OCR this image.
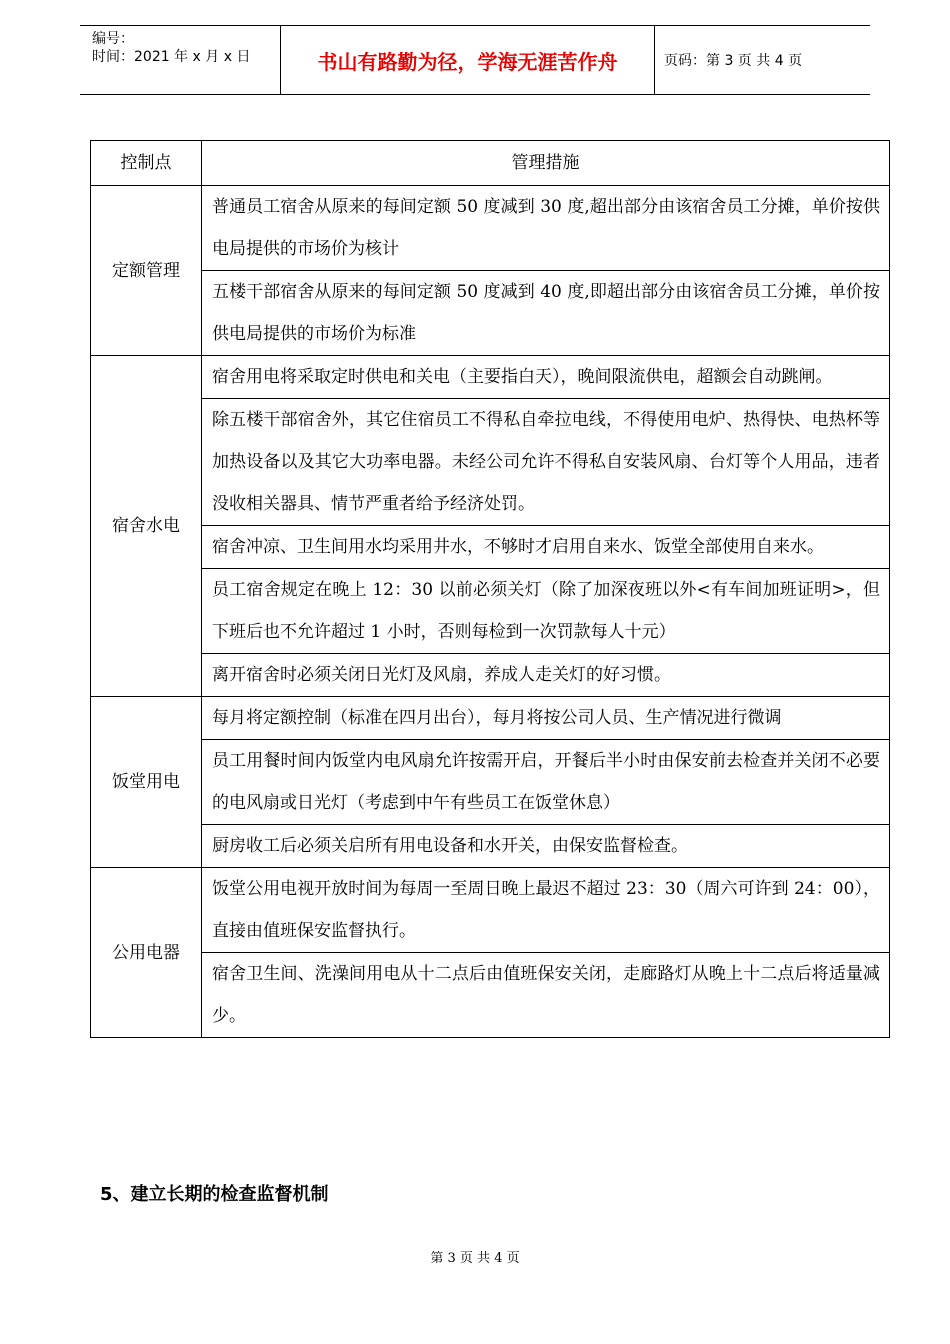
编号：
时间：2021 年 x 月 x 日	书山有路勤为径，学海无涯苦作舟	页码：第 3 页 共 4 页
控制点	管理措施
定额管理	普通员工宿舍从原来的每间定额 50 度减到 30 度,超出部分由该宿舍员工分摊，单价按供电局提供的市场价为核计
	五楼干部宿舍从原来的每间定额 50 度减到 40 度,即超出部分由该宿舍员工分摊，单价按供电局提供的市场价为标准
宿舍水电	宿舍用电将采取定时供电和关电（主要指白天），晚间限流供电，超额会自动跳闸。
	除五楼干部宿舍外，其它住宿员工不得私自牵拉电线，不得使用电炉、热得快、电热杯等加热设备以及其它大功率电器。未经公司允许不得私自安装风扇、台灯等个人用品，违者没收相关器具、情节严重者给予经济处罚。
	宿舍冲凉、卫生间用水均采用井水，不够时才启用自来水、饭堂全部使用自来水。
	员工宿舍规定在晚上 12：30 以前必须关灯（除了加深夜班以外<有车间加班证明>，但下班后也不允许超过 1 小时，否则每检到一次罚款每人十元）
	离开宿舍时必须关闭日光灯及风扇，养成人走关灯的好习惯。
饭堂用电	每月将定额控制（标准在四月出台），每月将按公司人员、生产情况进行微调
	员工用餐时间内饭堂内电风扇允许按需开启，开餐后半小时由保安前去检查并关闭不必要的电风扇或日光灯（考虑到中午有些员工在饭堂休息）
	厨房收工后必须关启所有用电设备和水开关，由保安监督检查。
公用电器	饭堂公用电视开放时间为每周一至周日晚上最迟不超过 23：30（周六可许到 24：00），直接由值班保安监督执行。
	宿舍卫生间、洗澡间用电从十二点后由值班保安关闭，走廊路灯从晚上十二点后将适量减少。
5、建立长期的检查监督机制
第 3 页 共 4 页
